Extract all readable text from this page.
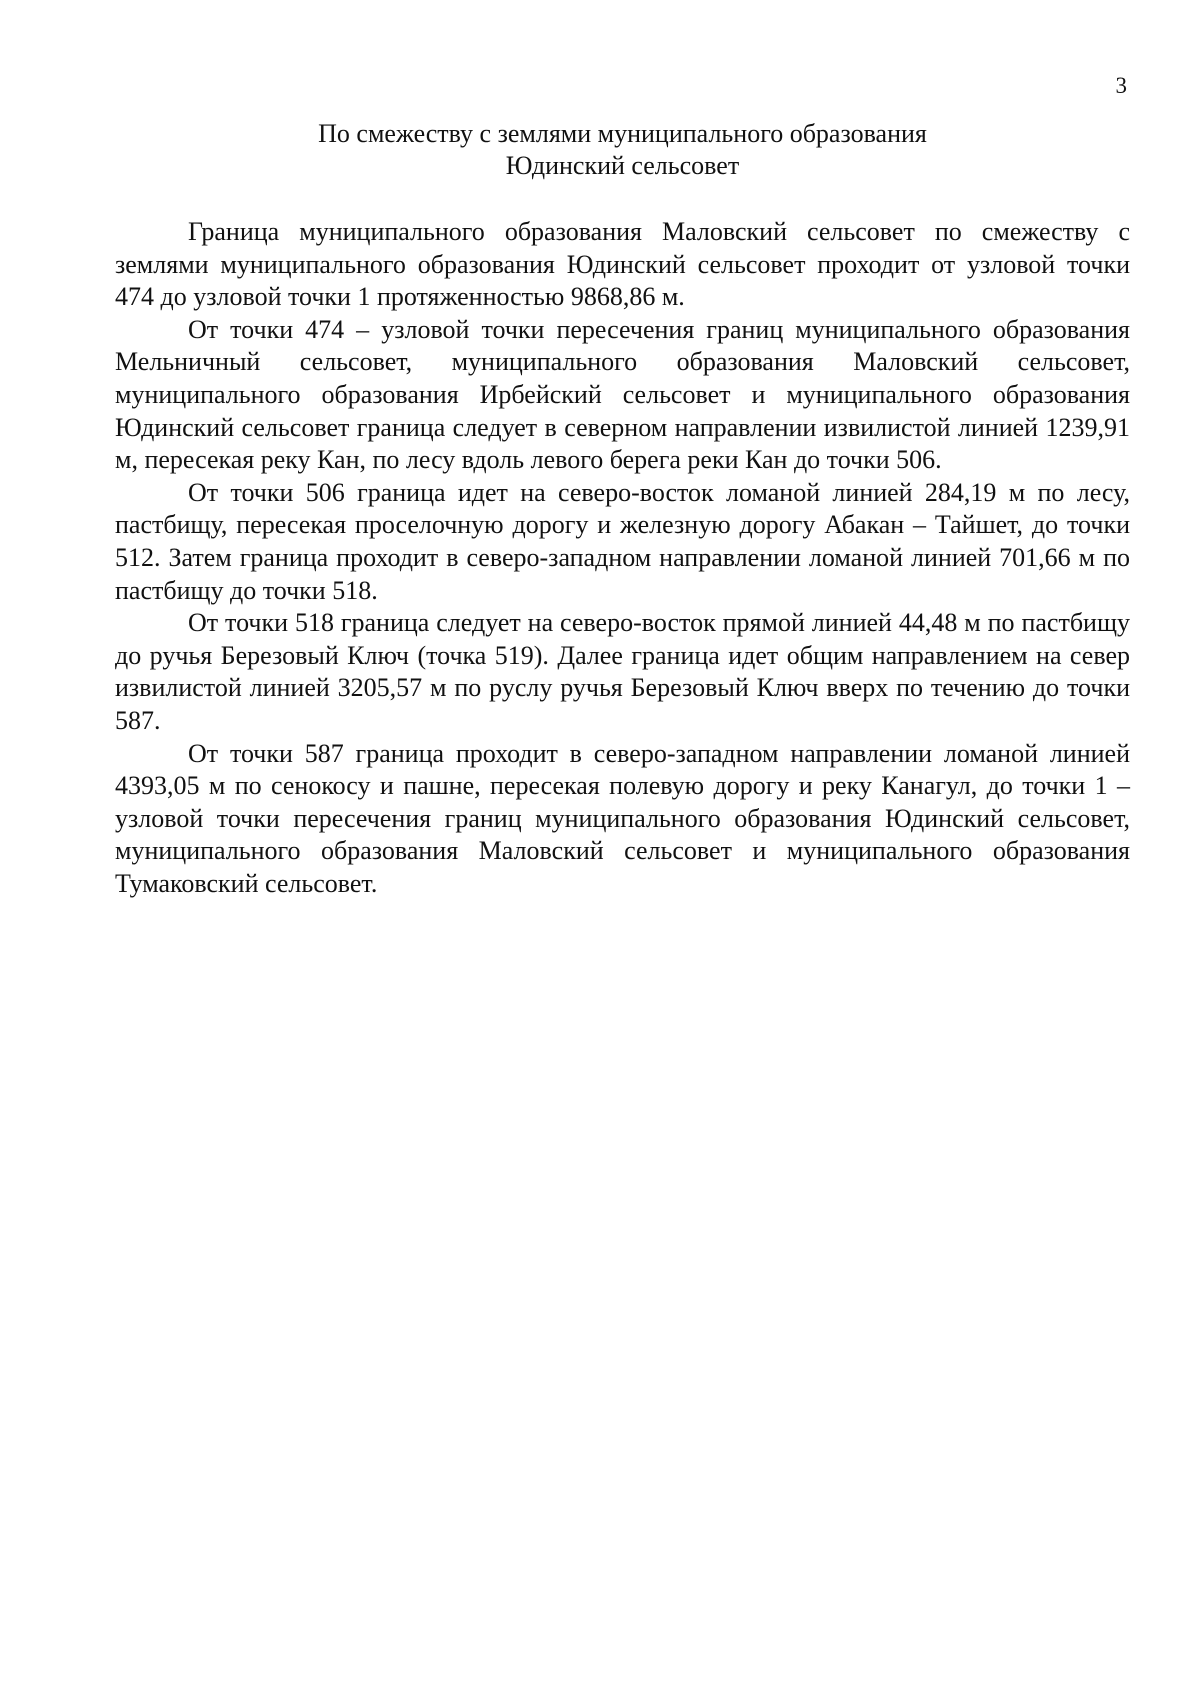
3
По смежеству с землями муниципального образования
Юдинский сельсовет

Граница муниципального образования Маловский сельсовет по смежеству с землями муниципального образования Юдинский сельсовет проходит от узловой точки 474 до узловой точки 1 протяженностью 9868,86 м.

От точки 474 – узловой точки пересечения границ муниципального образования Мельничный сельсовет, муниципального образования Маловский сельсовет, муниципального образования Ирбейский сельсовет и муниципального образования Юдинский сельсовет граница следует в северном направлении извилистой линией 1239,91 м, пересекая реку Кан, по лесу вдоль левого берега реки Кан до точки 506.

От точки 506 граница идет на северо-восток ломаной линией 284,19 м по лесу, пастбищу, пересекая проселочную дорогу и железную дорогу Абакан – Тайшет, до точки 512. Затем граница проходит в северо-западном направлении ломаной линией 701,66 м по пастбищу до точки 518.

От точки 518 граница следует на северо-восток прямой линией 44,48 м по пастбищу до ручья Березовый Ключ (точка 519). Далее граница идет общим направлением на север извилистой линией 3205,57 м по руслу ручья Березовый Ключ вверх по течению до точки 587.

От точки 587 граница проходит в северо-западном направлении ломаной линией 4393,05 м по сенокосу и пашне, пересекая полевую дорогу и реку Канагул, до точки 1 – узловой точки пересечения границ муниципального образования Юдинский сельсовет, муниципального образования Маловский сельсовет и муниципального образования Тумаковский сельсовет.
